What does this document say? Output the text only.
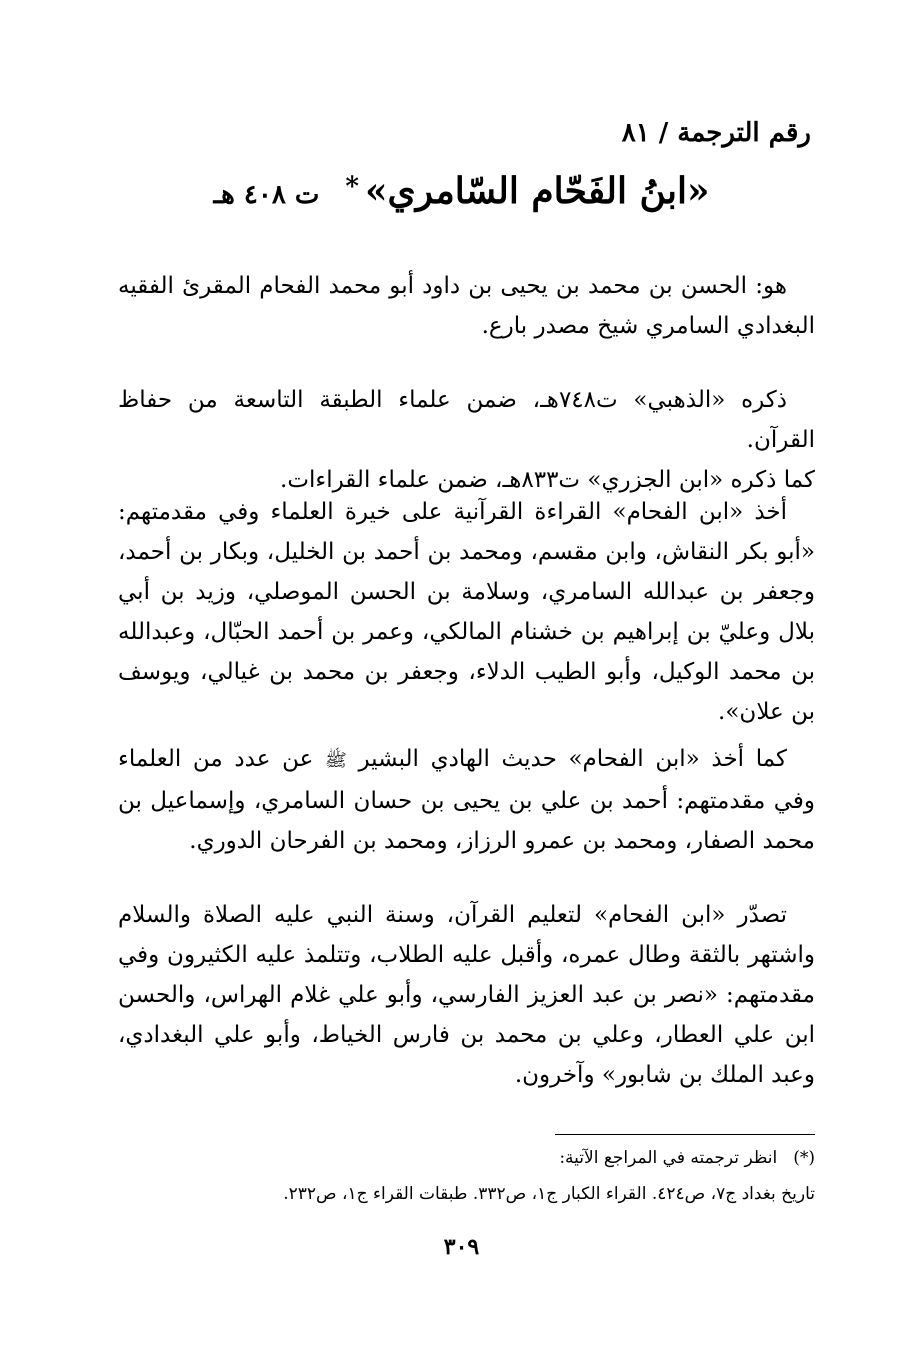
رقم الترجمة / ٨١
«ابنُ الفَحّام السّامري»
*
ت ٤٠٨ هـ

هو: الحسن بن محمد بن يحيى بن داود أبو محمد الفحام المقرئ الفقيه البغدادي السامري شيخ مصدر بارع.

ذكره «الذهبي» ت٧٤٨هـ، ضمن علماء الطبقة التاسعة من حفاظ القرآن.

كما ذكره «ابن الجزري» ت٨٣٣هـ، ضمن علماء القراءات.

أخذ «ابن الفحام» القراءة القرآنية على خيرة العلماء وفي مقدمتهم: «أبو بكر النقاش، وابن مقسم، ومحمد بن أحمد بن الخليل، وبكار بن أحمد، وجعفر بن عبدالله السامري، وسلامة بن الحسن الموصلي، وزيد بن أبي بلال وعليّ بن إبراهيم بن خشنام المالكي، وعمر بن أحمد الحبّال، وعبدالله بن محمد الوكيل، وأبو الطيب الدلاء، وجعفر بن محمد بن غيالي، ويوسف بن علان».

كما أخذ «ابن الفحام» حديث الهادي البشير ﷺ عن عدد من العلماء وفي مقدمتهم: أحمد بن علي بن يحيى بن حسان السامري، وإسماعيل بن محمد الصفار، ومحمد بن عمرو الرزاز، ومحمد بن الفرحان الدوري.

تصدّر «ابن الفحام» لتعليم القرآن، وسنة النبي عليه الصلاة والسلام واشتهر بالثقة وطال عمره، وأقبل عليه الطلاب، وتتلمذ عليه الكثيرون وفي مقدمتهم: «نصر بن عبد العزيز الفارسي، وأبو علي غلام الهراس، والحسن ابن علي العطار، وعلي بن محمد بن فارس الخياط، وأبو علي البغدادي، وعبد الملك بن شابور» وآخرون.

(*)انظر ترجمته في المراجع الآتية:
تاريخ بغداد ج٧، ص٤٢٤. القراء الكبار ج١، ص٣٣٢. طبقات القراء ج١، ص٢٣٢.
٣٠٩
